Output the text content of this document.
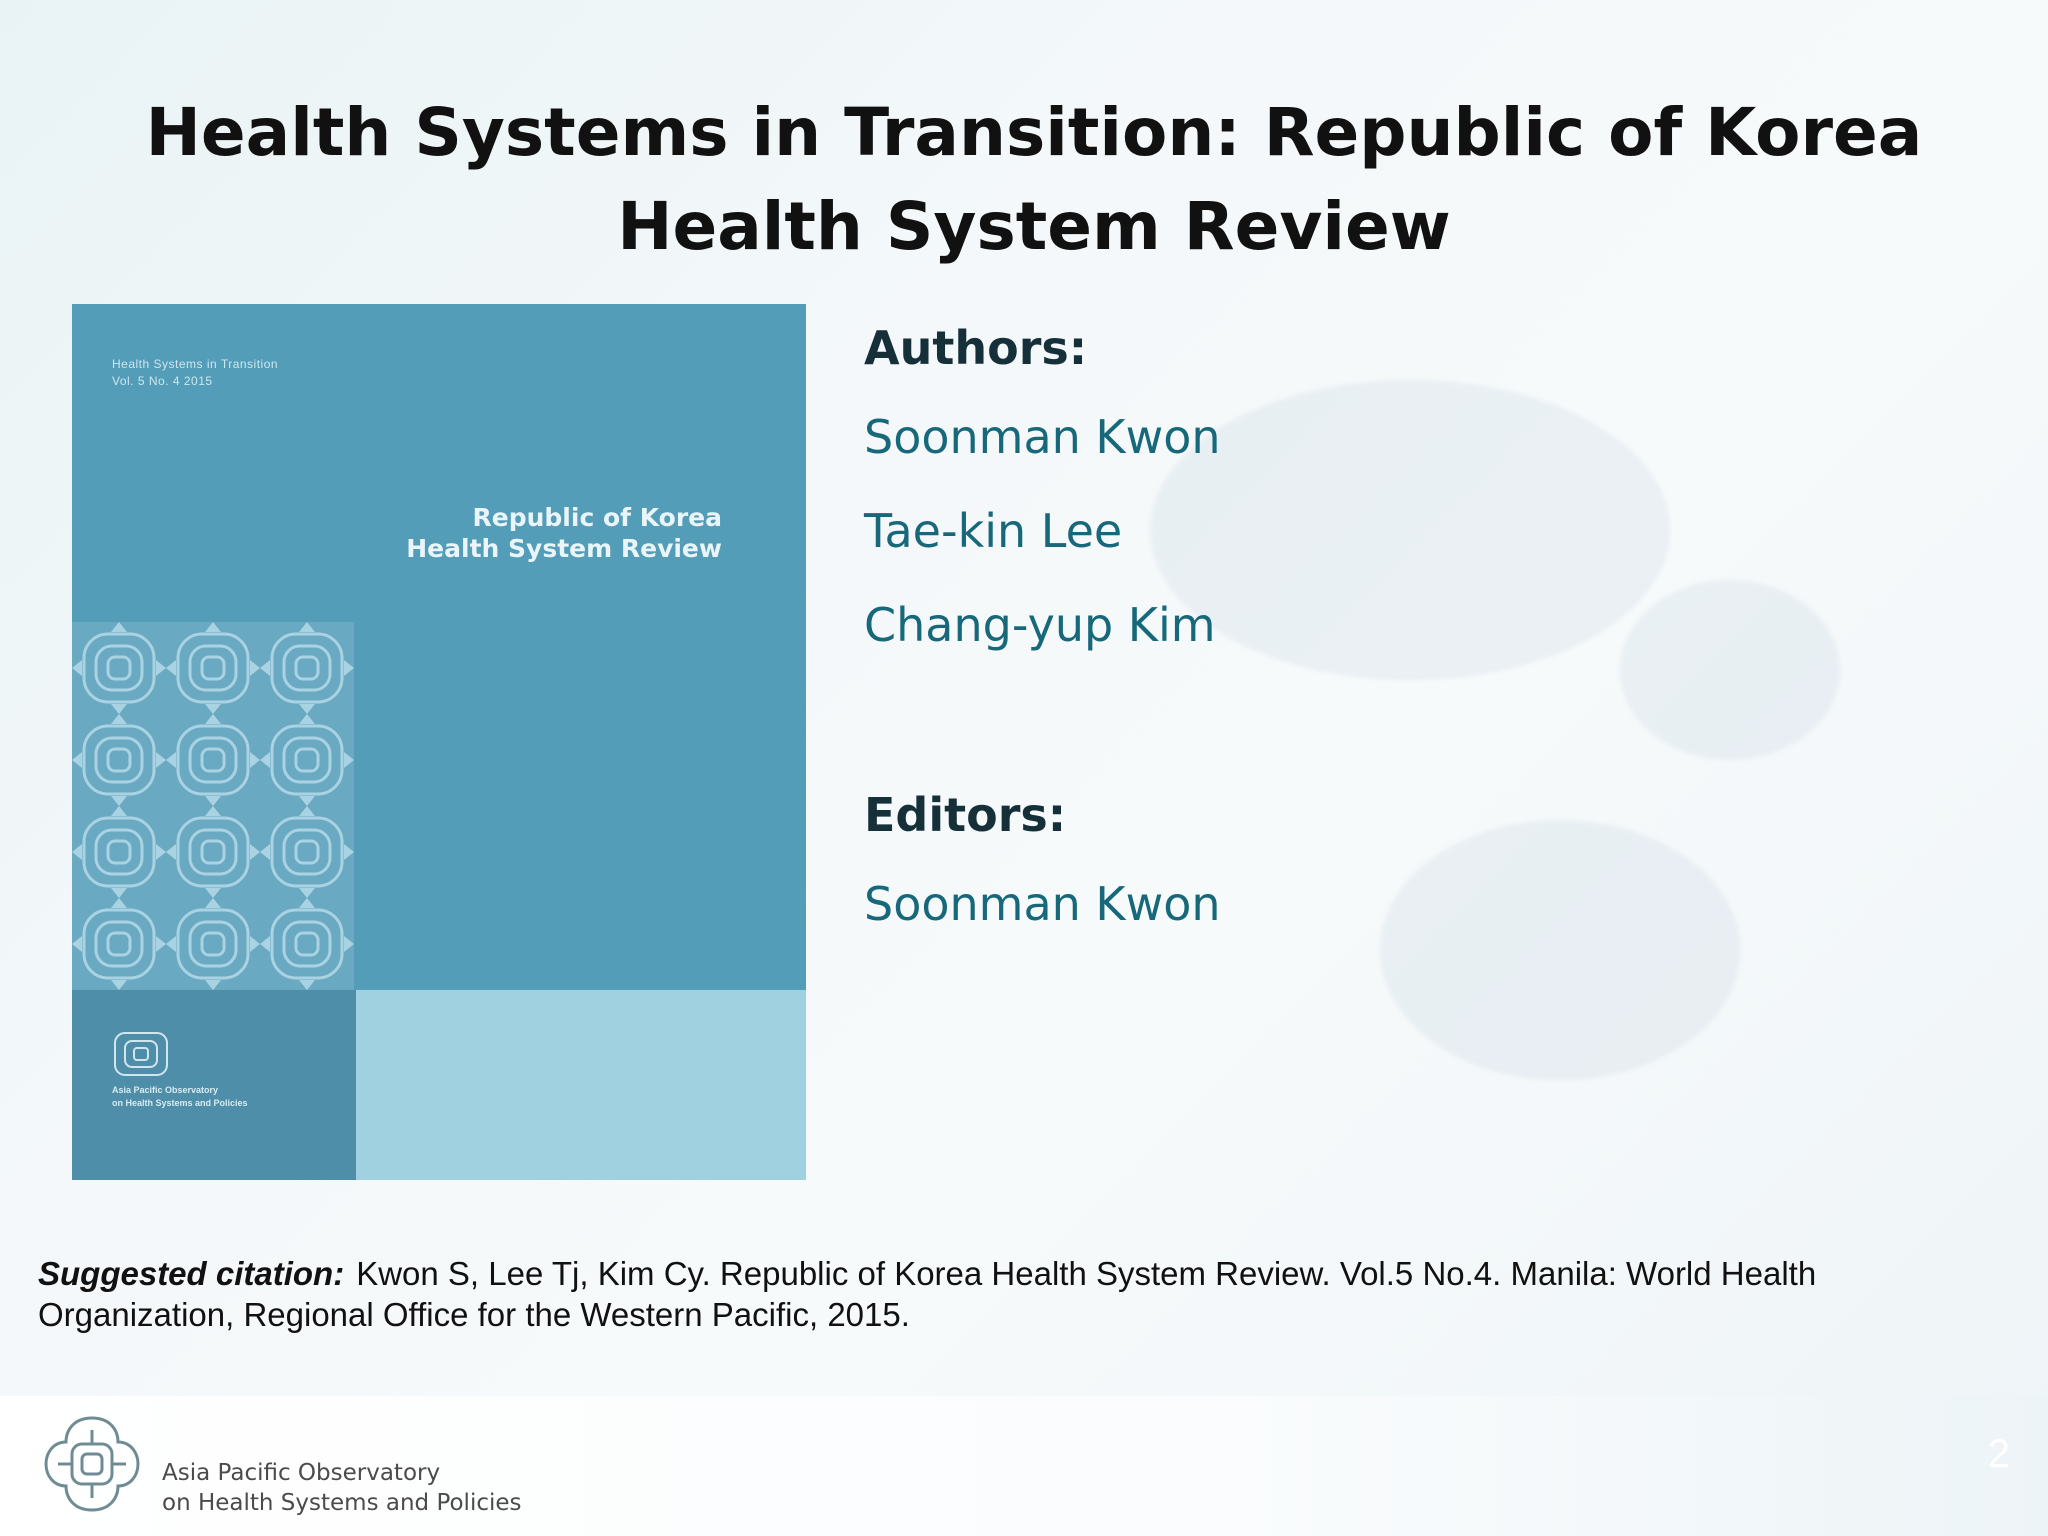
Health Systems in Transition: Republic of Korea
Health System Review
Health Systems in Transition
Vol. 5 No. 4 2015
Republic of Korea
Health System Review
Asia Pacific Observatory
on Health Systems and Policies

Authors:

Soonman Kwon

Tae-kin Lee

Chang-yup Kim

Editors:

Soonman Kwon

Suggested citation: Kwon S, Lee Tj, Kim Cy. Republic of Korea Health System Review. Vol.5 No.4. Manila: World Health Organization, Regional Office for the Western Pacific, 2015.
Asia Pacific Observatory
on Health Systems and Policies
2
